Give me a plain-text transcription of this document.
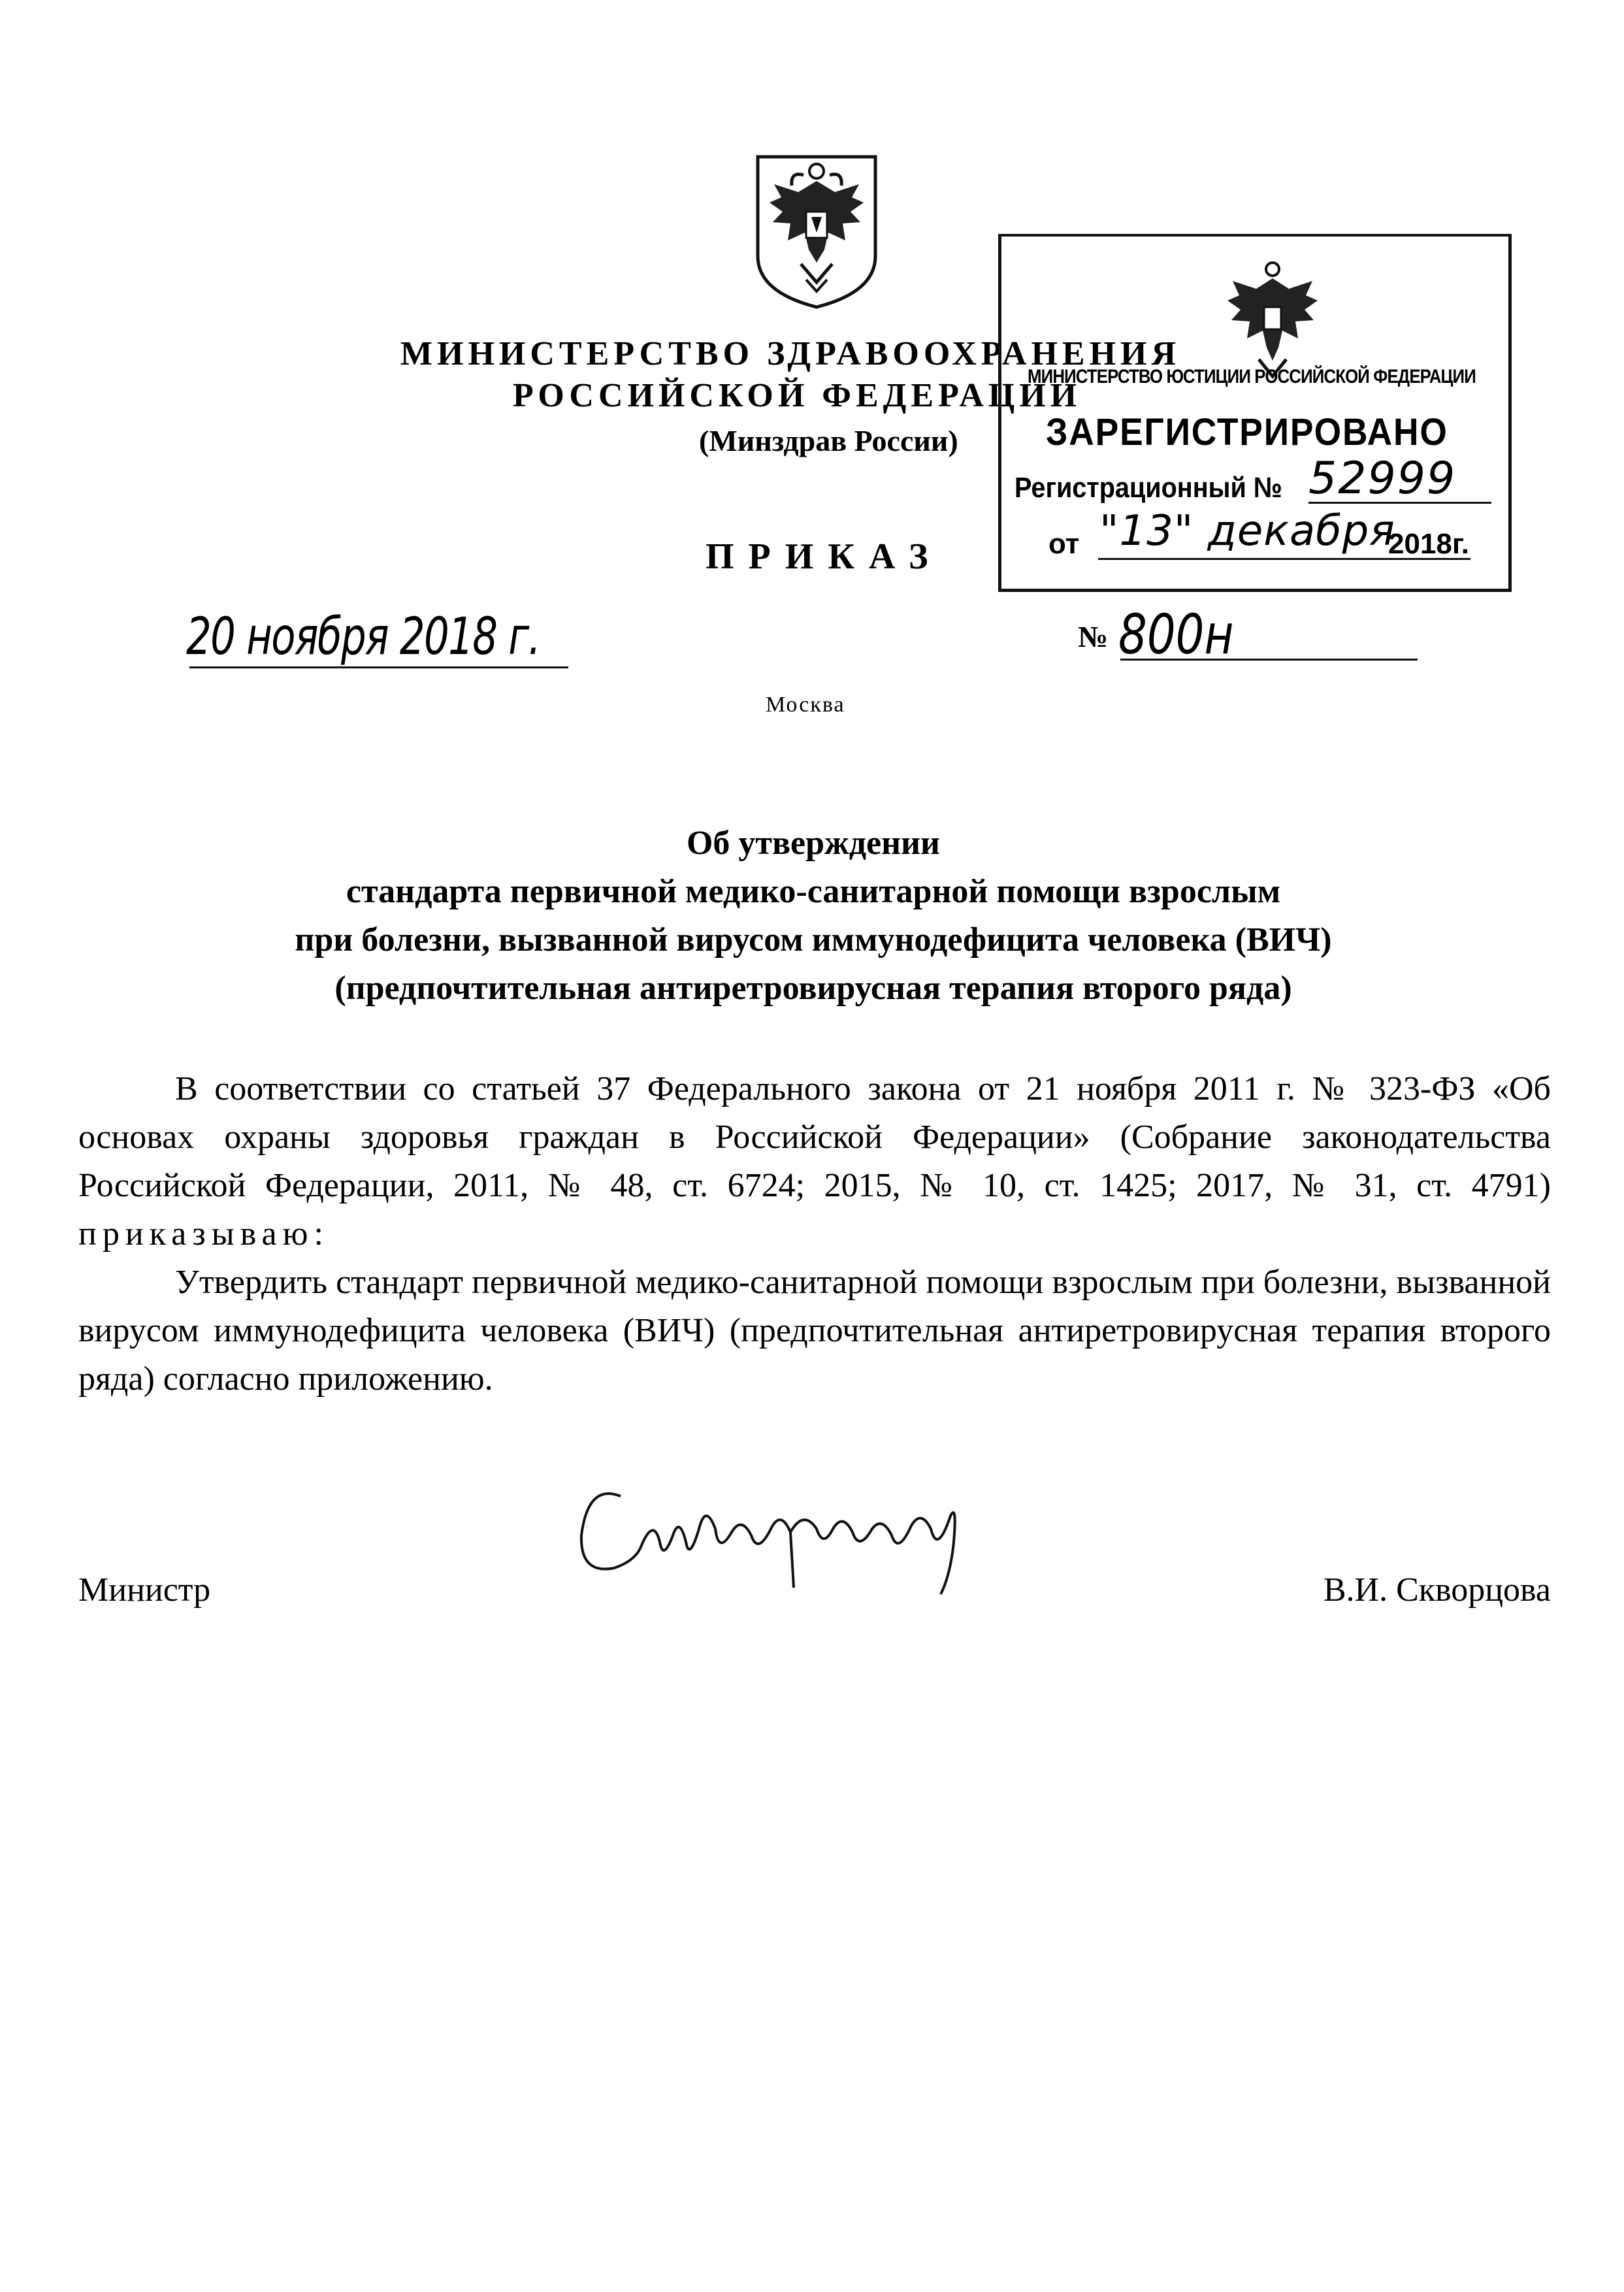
МИНИСТЕРСТВО ЗДРАВООХРАНЕНИЯ
РОССИЙСКОЙ ФЕДЕРАЦИИ
(Минздрав России)
ПРИКАЗ
МИНИСТЕРСТВО ЮСТИЦИИ РОССИЙСКОЙ ФЕДЕРАЦИИ
ЗАРЕГИСТРИРОВАНО
Регистрационный № 52999
от "13" декабря
2018г.
20 ноября 2018 г.	№ 800н
Москва
Об утверждении
стандарта первичной медико-санитарной помощи взрослым
при болезни, вызванной вирусом иммунодефицита человека (ВИЧ)
(предпочтительная антиретровирусная терапия второго ряда)

В соответствии со статьей 37 Федерального закона от 21 ноября 2011 г. № 323-ФЗ «Об основах охраны здоровья граждан в Российской Федерации» (Собрание законодательства Российской Федерации, 2011, № 48, ст. 6724; 2015, № 10, ст. 1425; 2017, № 31, ст. 4791) приказываю:

Утвердить стандарт первичной медико-санитарной помощи взрослым при болезни, вызванной вирусом иммунодефицита человека (ВИЧ) (предпочтительная антиретровирусная терапия второго ряда) согласно приложению.

Министр	В.И. Скворцова
